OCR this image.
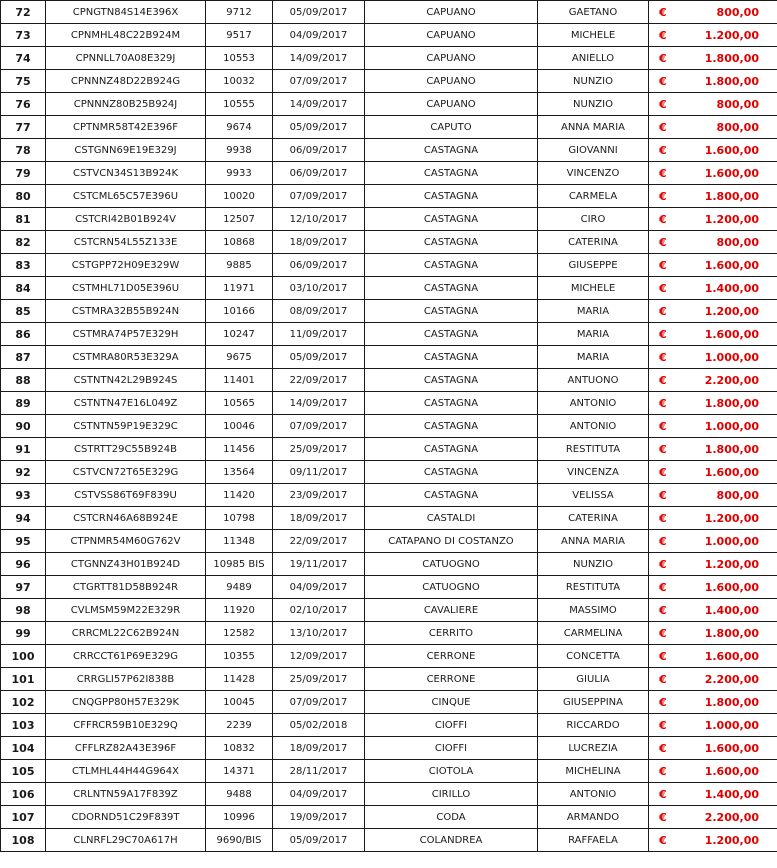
72	CPNGTN84S14E396X	9712	05/09/2017	CAPUANO	GAETANO	€	800,00
73	CPNMHL48C22B924M	9517	04/09/2017	CAPUANO	MICHELE	€	1.200,00
74	CPNNLL70A08E329J	10553	14/09/2017	CAPUANO	ANIELLO	€	1.800,00
75	CPNNNZ48D22B924G	10032	07/09/2017	CAPUANO	NUNZIO	€	1.800,00
76	CPNNNZ80B25B924J	10555	14/09/2017	CAPUANO	NUNZIO	€	800,00
77	CPTNMR58T42E396F	9674	05/09/2017	CAPUTO	ANNA MARIA	€	800,00
78	CSTGNN69E19E329J	9938	06/09/2017	CASTAGNA	GIOVANNI	€	1.600,00
79	CSTVCN34S13B924K	9933	06/09/2017	CASTAGNA	VINCENZO	€	1.600,00
80	CSTCML65C57E396U	10020	07/09/2017	CASTAGNA	CARMELA	€	1.800,00
81	CSTCRI42B01B924V	12507	12/10/2017	CASTAGNA	CIRO	€	1.200,00
82	CSTCRN54L55Z133E	10868	18/09/2017	CASTAGNA	CATERINA	€	800,00
83	CSTGPP72H09E329W	9885	06/09/2017	CASTAGNA	GIUSEPPE	€	1.600,00
84	CSTMHL71D05E396U	11971	03/10/2017	CASTAGNA	MICHELE	€	1.400,00
85	CSTMRA32B55B924N	10166	08/09/2017	CASTAGNA	MARIA	€	1.200,00
86	CSTMRA74P57E329H	10247	11/09/2017	CASTAGNA	MARIA	€	1.600,00
87	CSTMRA80R53E329A	9675	05/09/2017	CASTAGNA	MARIA	€	1.000,00
88	CSTNTN42L29B924S	11401	22/09/2017	CASTAGNA	ANTUONO	€	2.200,00
89	CSTNTN47E16L049Z	10565	14/09/2017	CASTAGNA	ANTONIO	€	1.800,00
90	CSTNTN59P19E329C	10046	07/09/2017	CASTAGNA	ANTONIO	€	1.000,00
91	CSTRTT29C55B924B	11456	25/09/2017	CASTAGNA	RESTITUTA	€	1.800,00
92	CSTVCN72T65E329G	13564	09/11/2017	CASTAGNA	VINCENZA	€	1.600,00
93	CSTVSS86T69F839U	11420	23/09/2017	CASTAGNA	VELISSA	€	800,00
94	CSTCRN46A68B924E	10798	18/09/2017	CASTALDI	CATERINA	€	1.200,00
95	CTPNMR54M60G762V	11348	22/09/2017	CATAPANO DI COSTANZO	ANNA MARIA	€	1.000,00
96	CTGNNZ43H01B924D	10985 BIS	19/11/2017	CATUOGNO	NUNZIO	€	1.200,00
97	CTGRTT81D58B924R	9489	04/09/2017	CATUOGNO	RESTITUTA	€	1.600,00
98	CVLMSM59M22E329R	11920	02/10/2017	CAVALIERE	MASSIMO	€	1.400,00
99	CRRCML22C62B924N	12582	13/10/2017	CERRITO	CARMELINA	€	1.800,00
100	CRRCCT61P69E329G	10355	12/09/2017	CERRONE	CONCETTA	€	1.600,00
101	CRRGLI57P62I838B	11428	25/09/2017	CERRONE	GIULIA	€	2.200,00
102	CNQGPP80H57E329K	10045	07/09/2017	CINQUE	GIUSEPPINA	€	1.800,00
103	CFFRCR59B10E329Q	2239	05/02/2018	CIOFFI	RICCARDO	€	1.000,00
104	CFFLRZ82A43E396F	10832	18/09/2017	CIOFFI	LUCREZIA	€	1.600,00
105	CTLMHL44H44G964X	14371	28/11/2017	CIOTOLA	MICHELINA	€	1.600,00
106	CRLNTN59A17F839Z	9488	04/09/2017	CIRILLO	ANTONIO	€	1.400,00
107	CDORND51C29F839T	10996	19/09/2017	CODA	ARMANDO	€	2.200,00
108	CLNRFL29C70A617H	9690/BIS	05/09/2017	COLANDREA	RAFFAELA	€	1.200,00
